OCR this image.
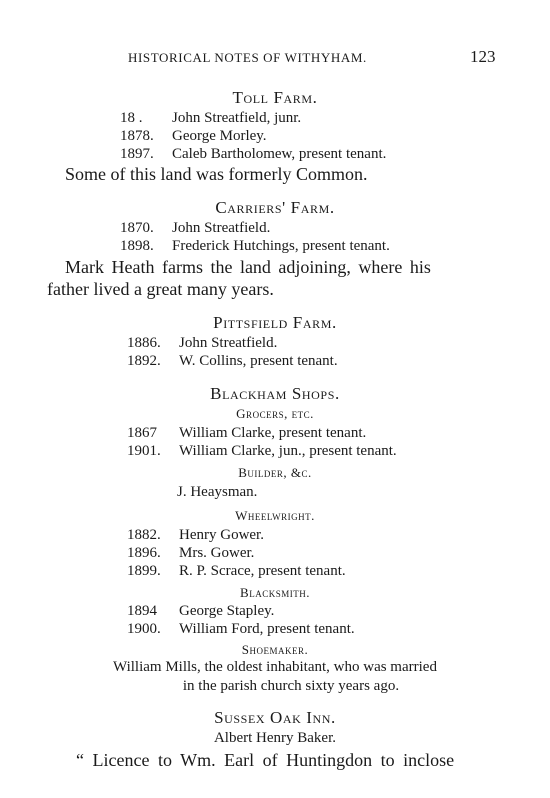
HISTORICAL NOTES OF WITHYHAM.	123
Toll Farm.
18 . John Streatfield, junr.
1878. George Morley.
1897. Caleb Bartholomew, present tenant.
Some of this land was formerly Common.
Carriers' Farm.
1870. John Streatfield.
1898. Frederick Hutchings, present tenant.
Mark Heath farms the land adjoining, where his
father lived a great many years.
Pittsfield Farm.
1886. John Streatfield.
1892. W. Collins, present tenant.
Blackham Shops.
Grocers, etc.
1867 William Clarke, present tenant.
1901. William Clarke, jun., present tenant.
Builder, &c.
J. Heaysman.
Wheelwright.
1882. Henry Gower.
1896. Mrs. Gower.
1899. R. P. Scrace, present tenant.
Blacksmith.
1894 George Stapley.
1900. William Ford, present tenant.
Shoemaker.
William Mills, the oldest inhabitant, who was married
in the parish church sixty years ago.
Sussex Oak Inn.
Albert Henry Baker.
“ Licence to Wm. Earl of Huntingdon to inclose
